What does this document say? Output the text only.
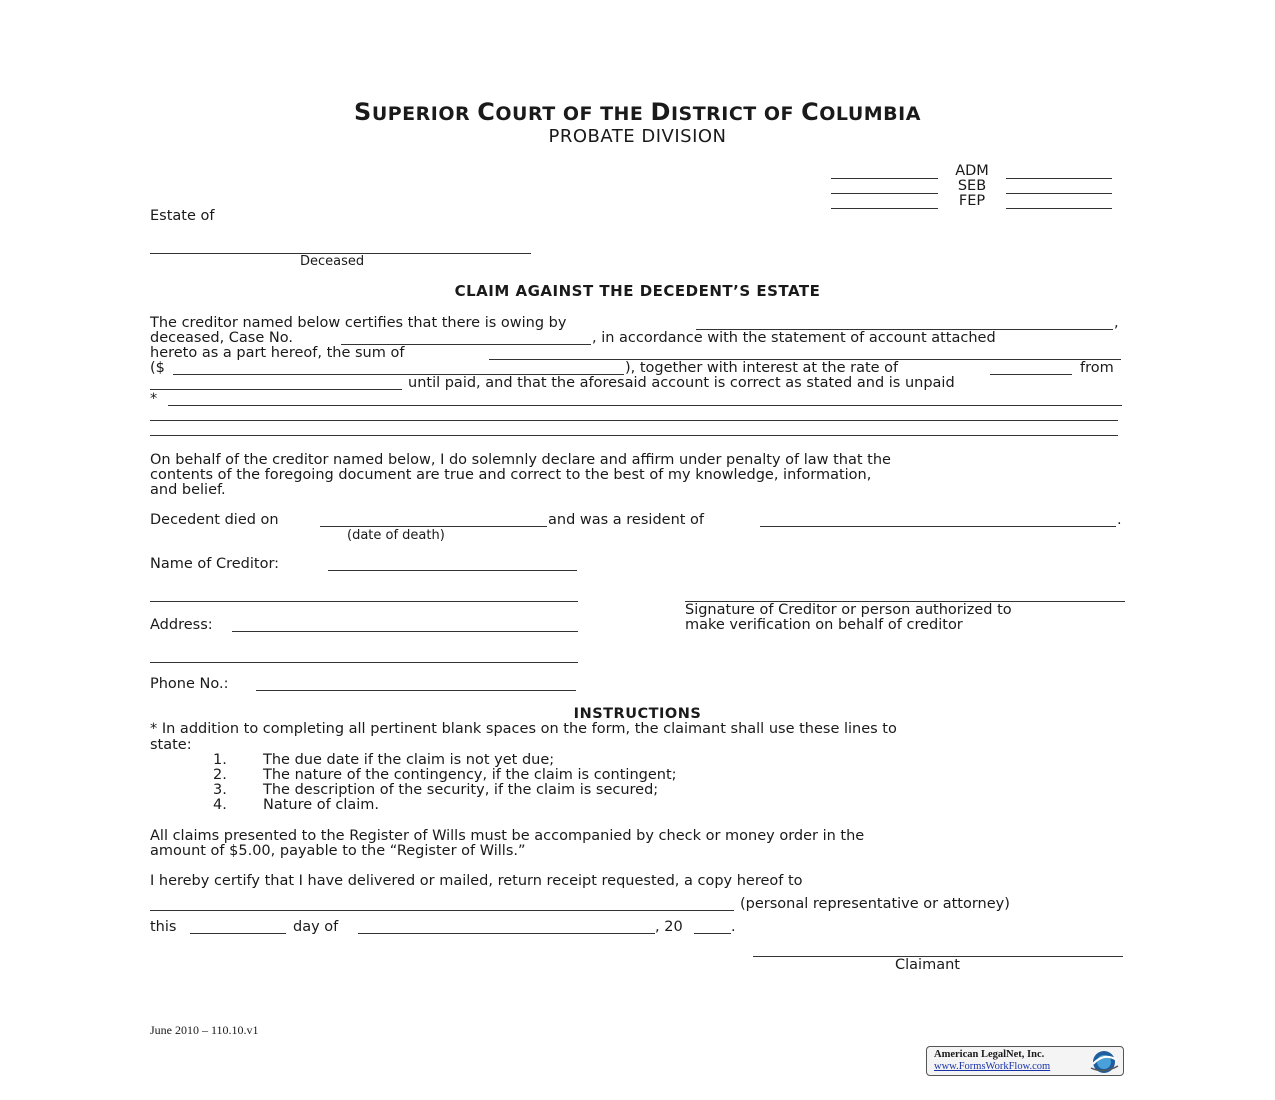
SUPERIOR COURT OF THE DISTRICT OF COLUMBIA
PROBATE DIVISION
ADM
SEB
FEP
Estate of
Deceased
CLAIM AGAINST THE DECEDENT’S ESTATE
The creditor named below certifies that there is owing by	,
deceased, Case No.	, in accordance with the statement of account attached
hereto as a part hereof, the sum of
($	), together with interest at the rate of	from
until paid, and that the aforesaid account is correct as stated and is unpaid
*
On behalf of the creditor named below, I do solemnly declare and affirm under penalty of law that the
contents of the foregoing document are true and correct to the best of my knowledge, information,
and belief.
Decedent died on	and was a resident of	.
(date of death)
Name of Creditor:
Address:
Phone No.:
Signature of Creditor or person authorized to
make verification on behalf of creditor
INSTRUCTIONS
* In addition to completing all pertinent blank spaces on the form, the claimant shall use these lines to
state:
1. The due date if the claim is not yet due;
2. The nature of the contingency, if the claim is contingent;
3. The description of the security, if the claim is secured;
4. Nature of claim.
All claims presented to the Register of Wills must be accompanied by check or money order in the
amount of $5.00, payable to the “Register of Wills.”
I hereby certify that I have delivered or mailed, return receipt requested, a copy hereof to
(personal representative or attorney)
this	day of	, 20	.
Claimant
June 2010 – 110.10.v1
American LegalNet, Inc.
www.FormsWorkFlow.com
